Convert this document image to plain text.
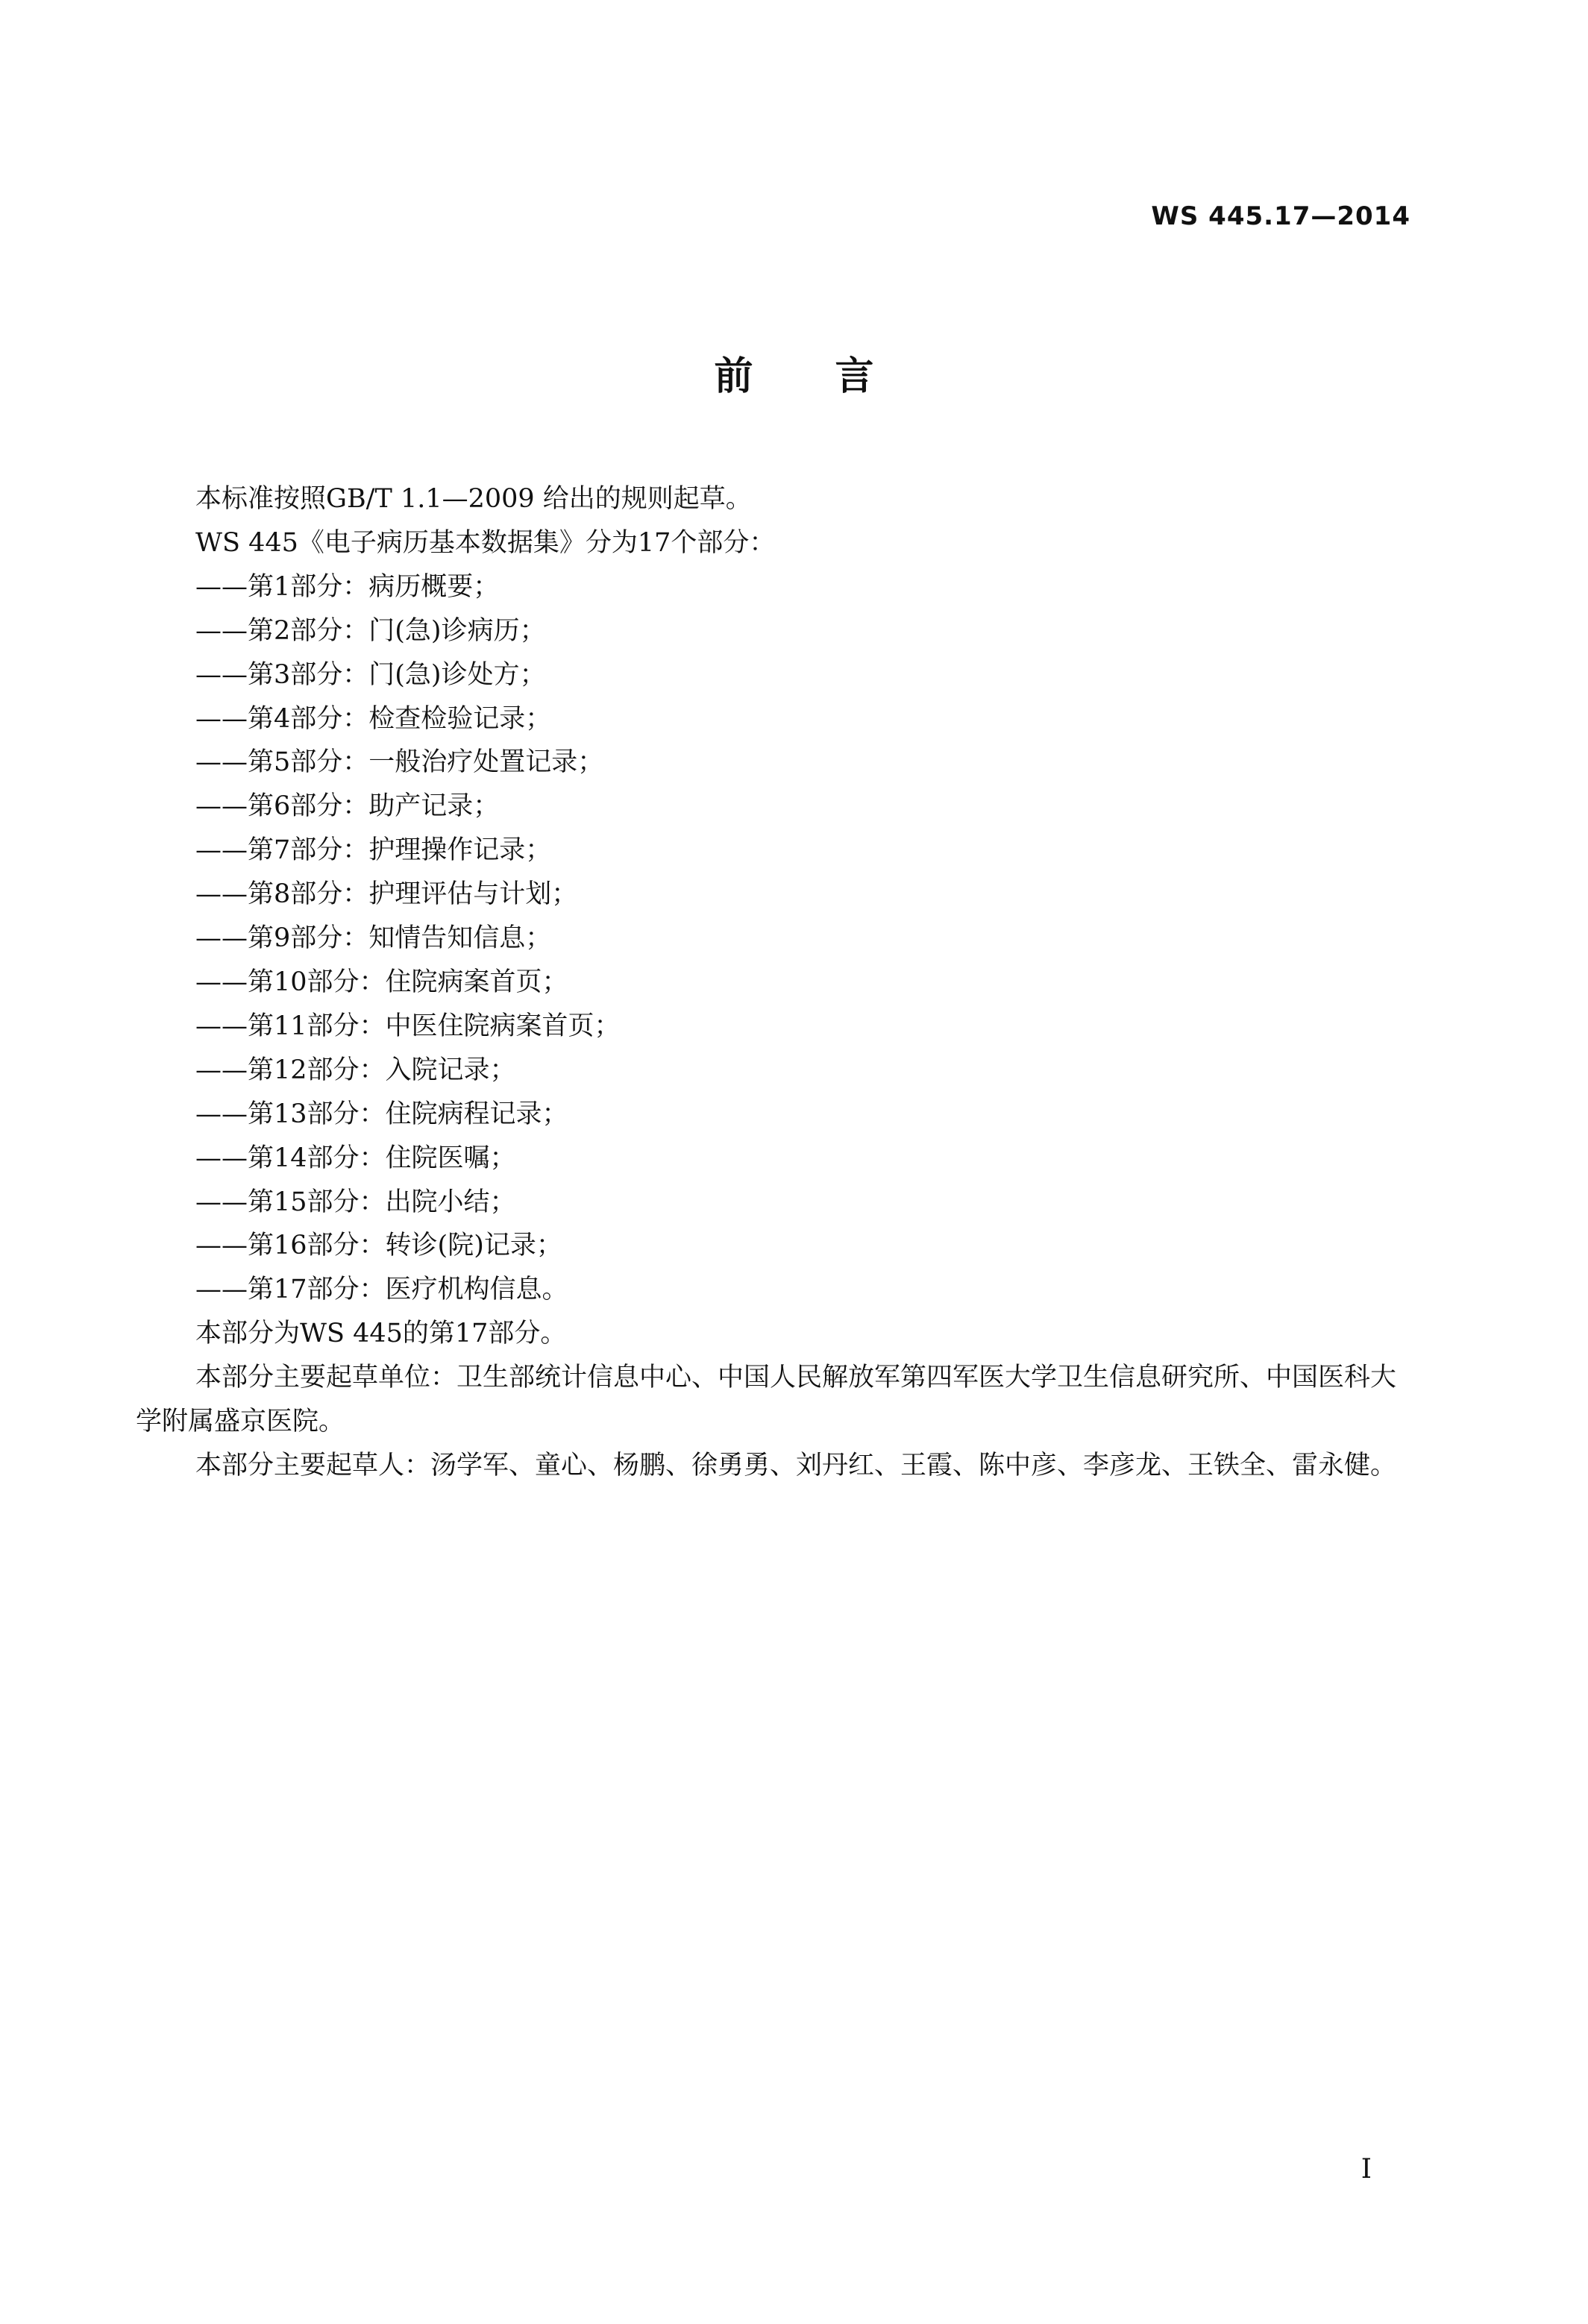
WS 445.17—2014
前言

本标准按照GB/T 1.1—2009 给出的规则起草。

WS 445《电子病历基本数据集》分为17个部分：

——第1部分：病历概要；
——第2部分：门(急)诊病历；
——第3部分：门(急)诊处方；
——第4部分：检查检验记录；
——第5部分：一般治疗处置记录；
——第6部分：助产记录；
——第7部分：护理操作记录；
——第8部分：护理评估与计划；
——第9部分：知情告知信息；
——第10部分：住院病案首页；
——第11部分：中医住院病案首页；
——第12部分：入院记录；
——第13部分：住院病程记录；
——第14部分：住院医嘱；
——第15部分：出院小结；
——第16部分：转诊(院)记录；
——第17部分：医疗机构信息。

本部分为WS 445的第17部分。

本部分主要起草单位：卫生部统计信息中心、中国人民解放军第四军医大学卫生信息研究所、中国医科大学附属盛京医院。

本部分主要起草人：汤学军、童心、杨鹏、徐勇勇、刘丹红、王霞、陈中彦、李彦龙、王铁全、雷永健。

I
